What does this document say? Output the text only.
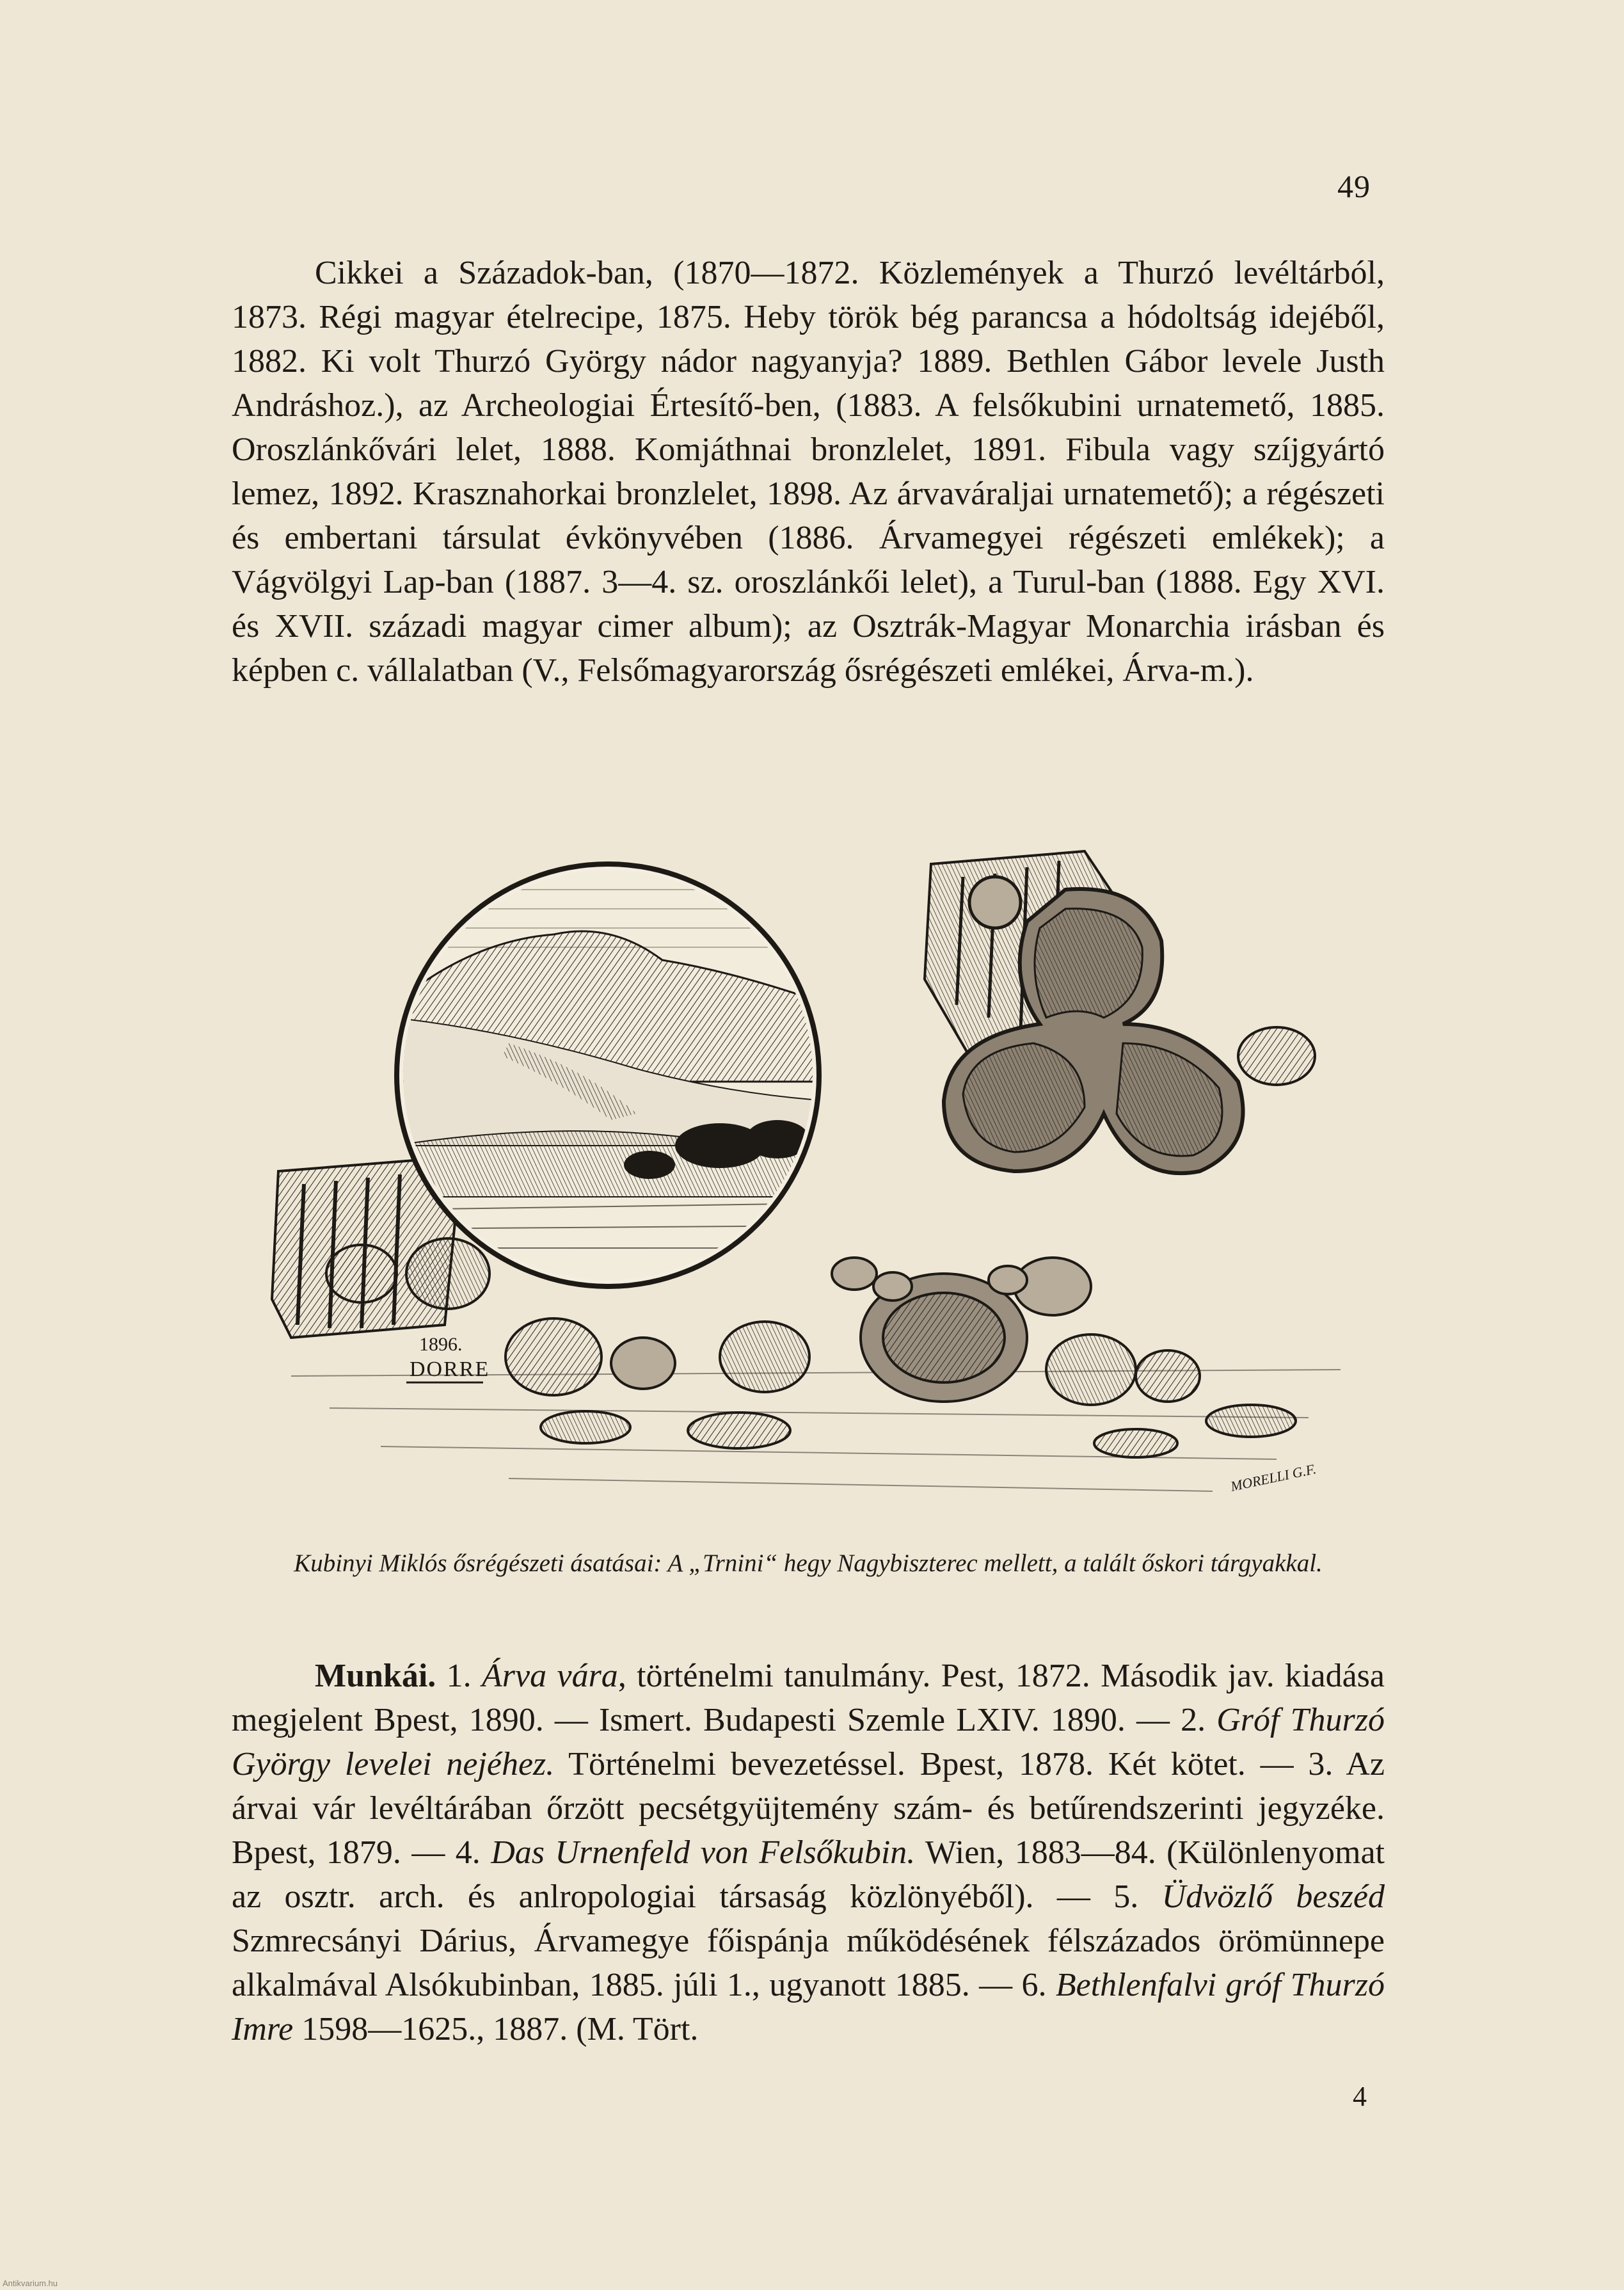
49

Cikkei a Századok-ban, (1870—1872. Közlemények a Thurzó levéltárból, 1873. Régi magyar ételrecipe, 1875. Heby török bég parancsa a hódoltság idejéből, 1882. Ki volt Thurzó György nádor nagyanyja? 1889. Bethlen Gábor levele Justh Andráshoz.), az Archeologiai Értesítő-ben, (1883. A felsőkubini urnatemető, 1885. Oroszlánkővári lelet, 1888. Komjáthnai bronzlelet, 1891. Fibula vagy szíjgyártó lemez, 1892. Krasznahorkai bronzlelet, 1898. Az árvaváraljai urnatemető); a régészeti és embertani társulat évkönyvében (1886. Árvamegyei régészeti emlékek); a Vágvölgyi Lap-ban (1887. 3—4. sz. oroszlánkői lelet), a Turul-ban (1888. Egy XVI. és XVII. századi magyar cimer album); az Osztrák-Magyar Monarchia irásban és képben c. vállalatban (V., Felsőmagyarország ősrégészeti emlékei, Árva-m.).

1896.
DORRE
MORELLI G.F.
Kubinyi Miklós ősrégészeti ásatásai: A „Trnini“ hegy Nagybiszterec mellett, a talált őskori tárgyakkal.

Munkái. 1. Árva vára, történelmi tanulmány. Pest, 1872. Második jav. kiadása megjelent Bpest, 1890. — Ismert. Budapesti Szemle LXIV. 1890. — 2. Gróf Thurzó György levelei nejéhez. Történelmi bevezetéssel. Bpest, 1878. Két kötet. — 3. Az árvai vár levéltárában őrzött pecsétgyüjtemény szám- és betűrendszerinti jegyzéke. Bpest, 1879. — 4. Das Urnenfeld von Felsőkubin. Wien, 1883—84. (Különlenyomat az osztr. arch. és anlropologiai társaság közlönyéből). — 5. Üdvözlő beszéd Szmrecsányi Dárius, Árvamegye főispánja működésének félszázados örömünnepe alkalmával Alsókubinban, 1885. júli 1., ugyanott 1885. — 6. Bethlenfalvi gróf Thurzó Imre 1598—1625., 1887. (M. Tört.

4
Antikvarium.hu
